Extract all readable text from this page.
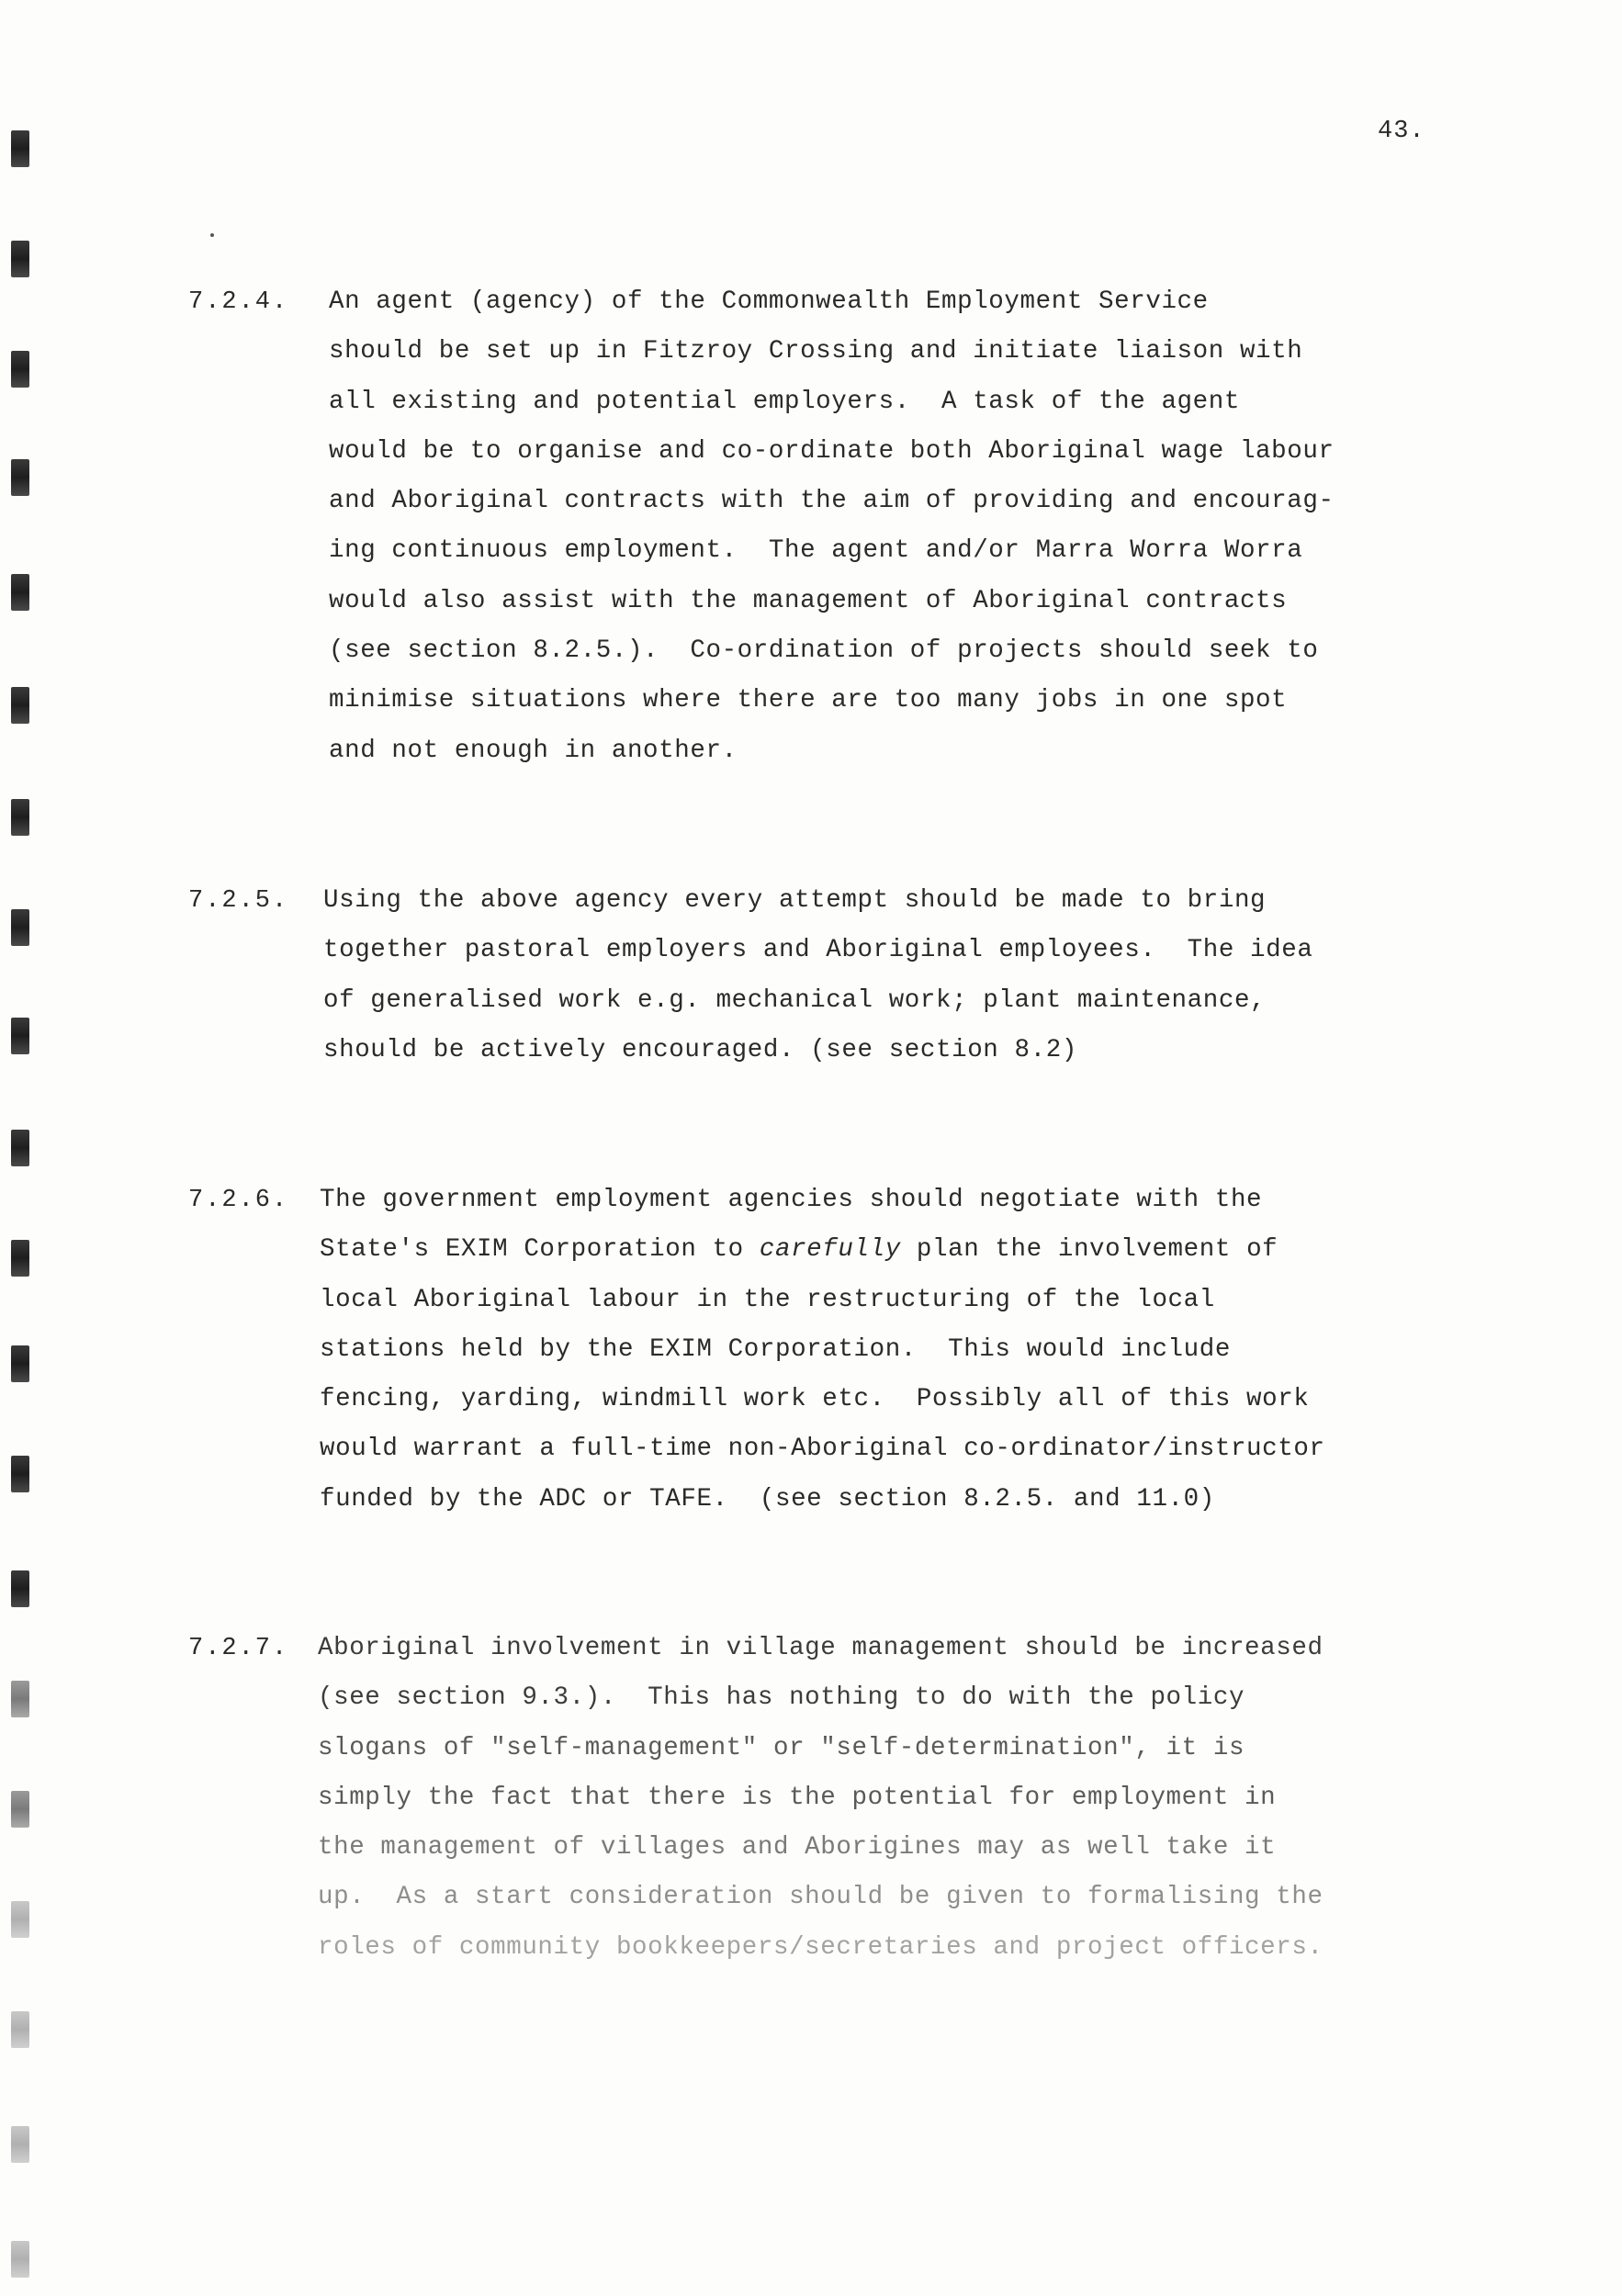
43.
7.2.4. An agent (agency) of the Commonwealth Employment Service
should be set up in Fitzroy Crossing and initiate liaison with
all existing and potential employers.  A task of the agent
would be to organise and co-ordinate both Aboriginal wage labour
and Aboriginal contracts with the aim of providing and encourag-
ing continuous employment.  The agent and/or Marra Worra Worra
would also assist with the management of Aboriginal contracts
(see section 8.2.5.).  Co-ordination of projects should seek to
minimise situations where there are too many jobs in one spot
and not enough in another.
7.2.5. Using the above agency every attempt should be made to bring
together pastoral employers and Aboriginal employees.  The idea
of generalised work e.g. mechanical work; plant maintenance,
should be actively encouraged. (see section 8.2)
7.2.6. The government employment agencies should negotiate with the
State's EXIM Corporation to carefully plan the involvement of
local Aboriginal labour in the restructuring of the local
stations held by the EXIM Corporation.  This would include
fencing, yarding, windmill work etc.  Possibly all of this work
would warrant a full-time non-Aboriginal co-ordinator/instructor
funded by the ADC or TAFE.  (see section 8.2.5. and 11.0)
7.2.7. Aboriginal involvement in village management should be increased
(see section 9.3.).  This has nothing to do with the policy
slogans of "self-management" or "self-determination", it is
simply the fact that there is the potential for employment in
the management of villages and Aborigines may as well take it
up.  As a start consideration should be given to formalising the
roles of community bookkeepers/secretaries and project officers.
